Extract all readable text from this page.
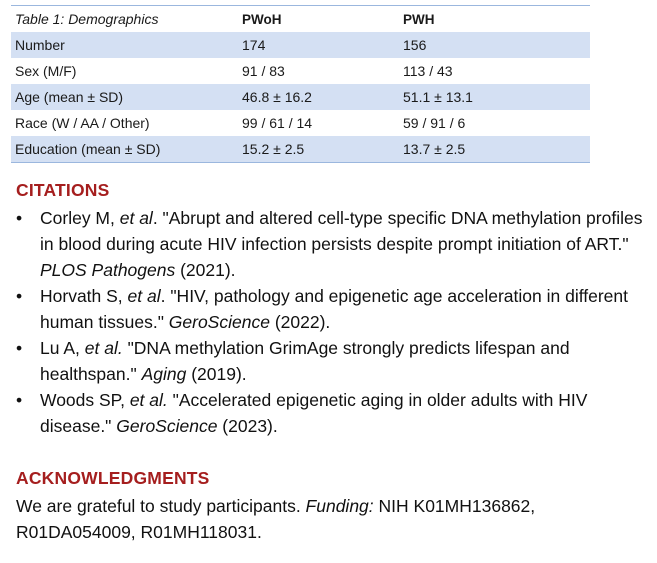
Table 1: Demographics	PWoH	PWH
Number	174	156
Sex (M/F)	91 / 83	113 / 43
Age (mean ± SD)	46.8 ± 16.2	51.1 ± 13.1
Race (W / AA / Other)	99 / 61 / 14	59 / 91 / 6
Education (mean ± SD)	15.2 ± 2.5	13.7 ± 2.5
CITATIONS
• Corley M, et al. "Abrupt and altered cell-type specific DNA methylation profiles in blood during acute HIV infection persists despite prompt initiation of ART." PLOS Pathogens (2021).
• Horvath S, et al. "HIV, pathology and epigenetic age acceleration in different human tissues." GeroScience (2022).
• Lu A, et al. "DNA methylation GrimAge strongly predicts lifespan and healthspan." Aging (2019).
• Woods SP, et al. "Accelerated epigenetic aging in older adults with HIV disease." GeroScience (2023).
ACKNOWLEDGMENTS

We are grateful to study participants. Funding: NIH K01MH136862, R01DA054009, R01MH118031.
